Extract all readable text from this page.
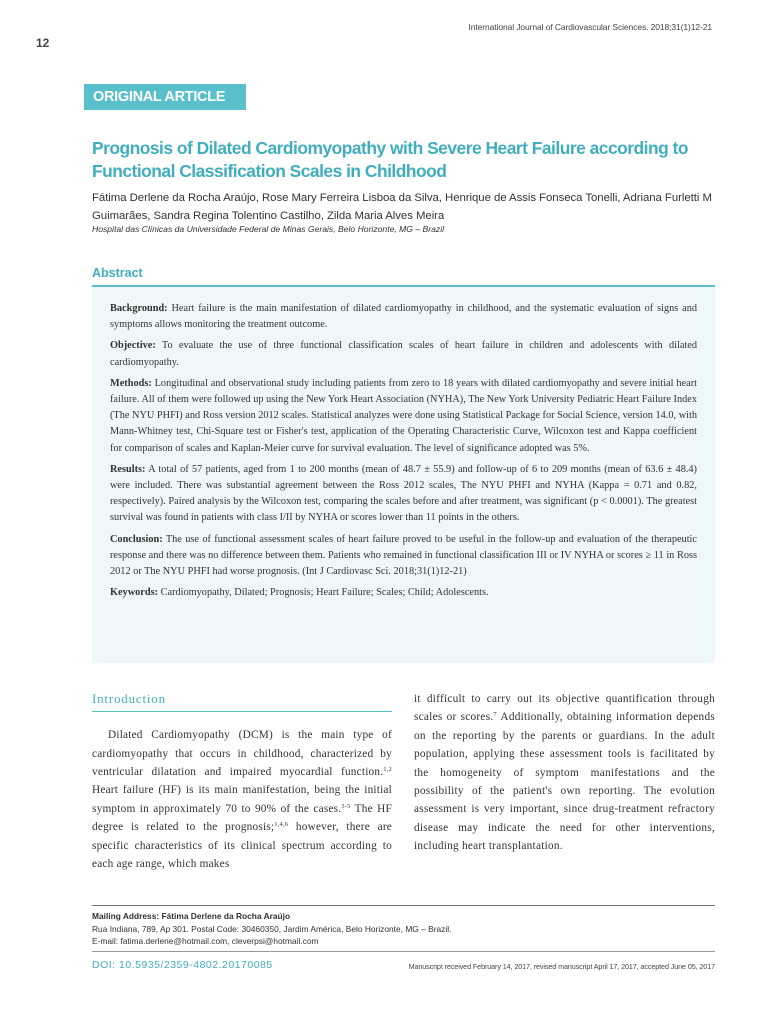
International Journal of Cardiovascular Sciences. 2018;31(1)12-21
12
ORIGINAL ARTICLE
Prognosis of Dilated Cardiomyopathy with Severe Heart Failure according to Functional Classification Scales in Childhood
Fátima Derlene da Rocha Araújo, Rose Mary Ferreira Lisboa da Silva, Henrique de Assis Fonseca Tonelli, Adriana Furletti M Guimarães, Sandra Regina Tolentino Castilho, Zilda Maria Alves Meira
Hospital das Clínicas da Universidade Federal de Minas Gerais, Belo Horizonte, MG – Brazil
Abstract

Background: Heart failure is the main manifestation of dilated cardiomyopathy in childhood, and the systematic evaluation of signs and symptoms allows monitoring the treatment outcome.

Objective: To evaluate the use of three functional classification scales of heart failure in children and adolescents with dilated cardiomyopathy.

Methods: Longitudinal and observational study including patients from zero to 18 years with dilated cardiomyopathy and severe initial heart failure. All of them were followed up using the New York Heart Association (NYHA), The New York University Pediatric Heart Failure Index (The NYU PHFI) and Ross version 2012 scales. Statistical analyzes were done using Statistical Package for Social Science, version 14.0, with Mann-Whitney test, Chi-Square test or Fisher's test, application of the Operating Characteristic Curve, Wilcoxon test and Kappa coefficient for comparison of scales and Kaplan-Meier curve for survival evaluation. The level of significance adopted was 5%.

Results: A total of 57 patients, aged from 1 to 200 months (mean of 48.7 ± 55.9) and follow-up of 6 to 209 months (mean of 63.6 ± 48.4) were included. There was substantial agreement between the Ross 2012 scales, The NYU PHFI and NYHA (Kappa = 0.71 and 0.82, respectively). Paired analysis by the Wilcoxon test, comparing the scales before and after treatment, was significant (p < 0.0001). The greatest survival was found in patients with class I/II by NYHA or scores lower than 11 points in the others.

Conclusion: The use of functional assessment scales of heart failure proved to be useful in the follow-up and evaluation of the therapeutic response and there was no difference between them. Patients who remained in functional classification III or IV NYHA or scores ≥ 11 in Ross 2012 or The NYU PHFI had worse prognosis. (Int J Cardiovasc Sci. 2018;31(1)12-21)

Keywords: Cardiomyopathy, Dilated; Prognosis; Heart Failure; Scales; Child; Adolescents.

Introduction

Dilated Cardiomyopathy (DCM) is the main type of cardiomyopathy that occurs in childhood, characterized by ventricular dilatation and impaired myocardial function.$^{1,2}$ Heart failure (HF) is its main manifestation, being the initial symptom in approximately 70 to 90% of the cases.$^{3-5}$ The HF degree is related to the prognosis;$^{1,4,6}$ however, there are specific characteristics of its clinical spectrum according to each age range, which makes

it difficult to carry out its objective quantification through scales or scores.$^7$ Additionally, obtaining information depends on the reporting by the parents or guardians. In the adult population, applying these assessment tools is facilitated by the homogeneity of symptom manifestations and the possibility of the patient's own reporting. The evolution assessment is very important, since drug-treatment refractory disease may indicate the need for other interventions, including heart transplantation.

Mailing Address: Fátima Derlene da Rocha Araújo
Rua Indiana, 789, Ap 301. Postal Code: 30460350, Jardim América, Belo Horizonte, MG – Brazil.
E-mail: fatima.derlene@hotmail.com, cleverpsi@hotmail.com
DOI: 10.5935/2359-4802.20170085	Manuscript received February 14, 2017, revised manuscript April 17, 2017, accepted June 05, 2017
